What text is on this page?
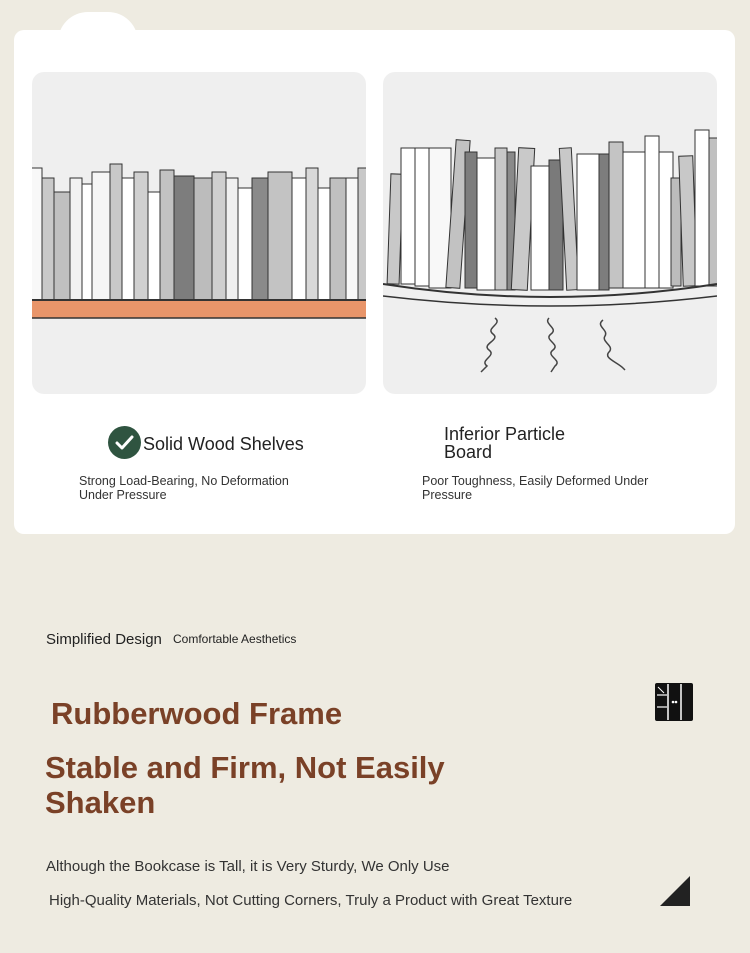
Solid Wood Shelves
Strong Load-Bearing, No Deformation Under Pressure
Inferior Particle Board
Poor Toughness, Easily Deformed Under Pressure
Simplified Design Comfortable Aesthetics
Rubberwood Frame
Stable and Firm, Not Easily Shaken
Although the Bookcase is Tall, it is Very Sturdy, We Only Use
High-Quality Materials, Not Cutting Corners, Truly a Product with Great Texture
